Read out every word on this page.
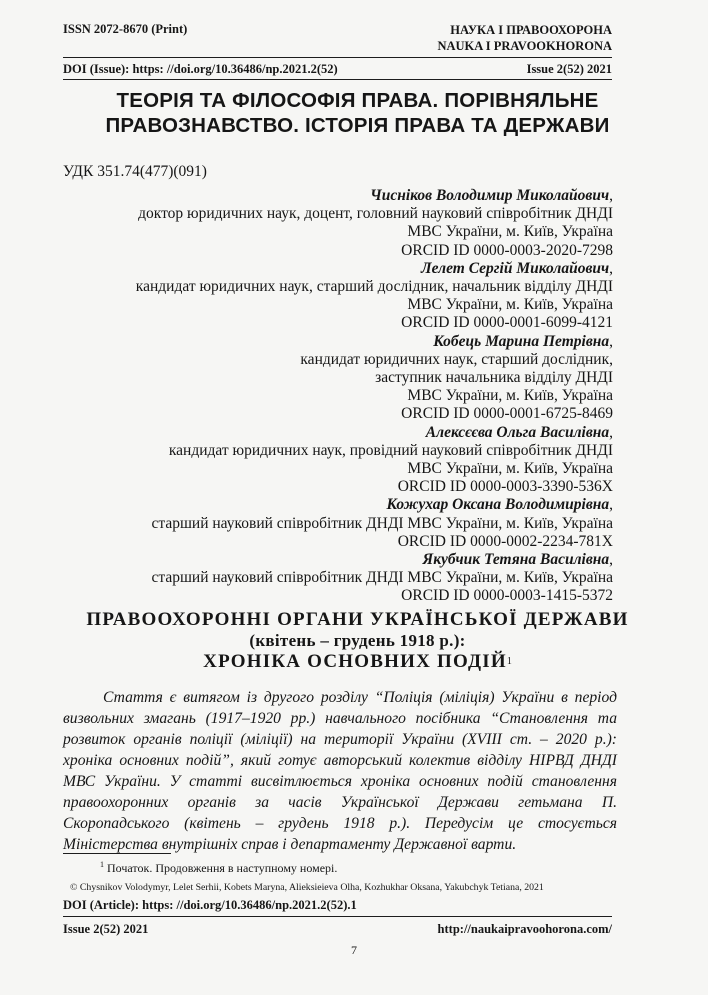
ISSN 2072-8670 (Print)	НАУКА І ПРАВООХОРОНА
NAUKA I PRAVOOKHORONA
DOI (Issue): https: //doi.org/10.36486/np.2021.2(52)	Issue 2(52) 2021
ТЕОРІЯ ТА ФІЛОСОФІЯ ПРАВА. ПОРІВНЯЛЬНЕ
ПРАВОЗНАВСТВО. ІСТОРІЯ ПРАВА ТА ДЕРЖАВИ
УДК 351.74(477)(091)
Чисніков Володимир Миколайович,
доктор юридичних наук, доцент, головний науковий співробітник ДНДІ
МВС України, м. Київ, Україна
ORCID ID 0000-0003-2020-7298
Лелет Сергій Миколайович,
кандидат юридичних наук, старший дослідник, начальник відділу ДНДІ
МВС України, м. Київ, Україна
ORCID ID 0000-0001-6099-4121
Кобець Марина Петрівна,
кандидат юридичних наук, старший дослідник,
заступник начальника відділу ДНДІ
МВС України, м. Київ, Україна
ORCID ID 0000-0001-6725-8469
Алексєєва Ольга Василівна,
кандидат юридичних наук, провідний науковий співробітник ДНДІ
МВС України, м. Київ, Україна
ORCID ID 0000-0003-3390-536X
Кожухар Оксана Володимирівна,
старший науковий співробітник ДНДІ МВС України, м. Київ, Україна
ORCID ID 0000-0002-2234-781X
Якубчик Тетяна Василівна,
старший науковий співробітник ДНДІ МВС України, м. Київ, Україна
ORCID ID 0000-0003-1415-5372
ПРАВООХОРОННІ ОРГАНИ УКРАЇНСЬКОЇ ДЕРЖАВИ
(квітень – грудень 1918 р.):
ХРОНІКА ОСНОВНИХ ПОДІЙ$^1$
Стаття є витягом із другого розділу “Поліція (міліція) України в період визвольних змагань (1917–1920 рр.) навчального посібника “Становлення та розвиток органів поліції (міліції) на території України (XVIII ст. – 2020 р.): хроніка основних подій”, який готує авторський колектив відділу НІРВД ДНДІ МВС України. У статті висвітлюється хроніка основних подій становлення правоохоронних органів за часів Української Держави гетьмана П. Скоропадського (квітень – грудень 1918 р.). Передусім це стосується Міністерства внутрішніх справ і департаменту Державної варти.
$^1$ Початок. Продовження в наступному номері.
© Chysnikov Volodymyr, Lelet Serhii, Kobets Maryna, Alieksieieva Olha, Kozhukhar Oksana, Yakubchyk Tetiana, 2021
DOI (Article): https: //doi.org/10.36486/np.2021.2(52).1
Issue 2(52) 2021	http://naukaipravoohorona.com/
7
